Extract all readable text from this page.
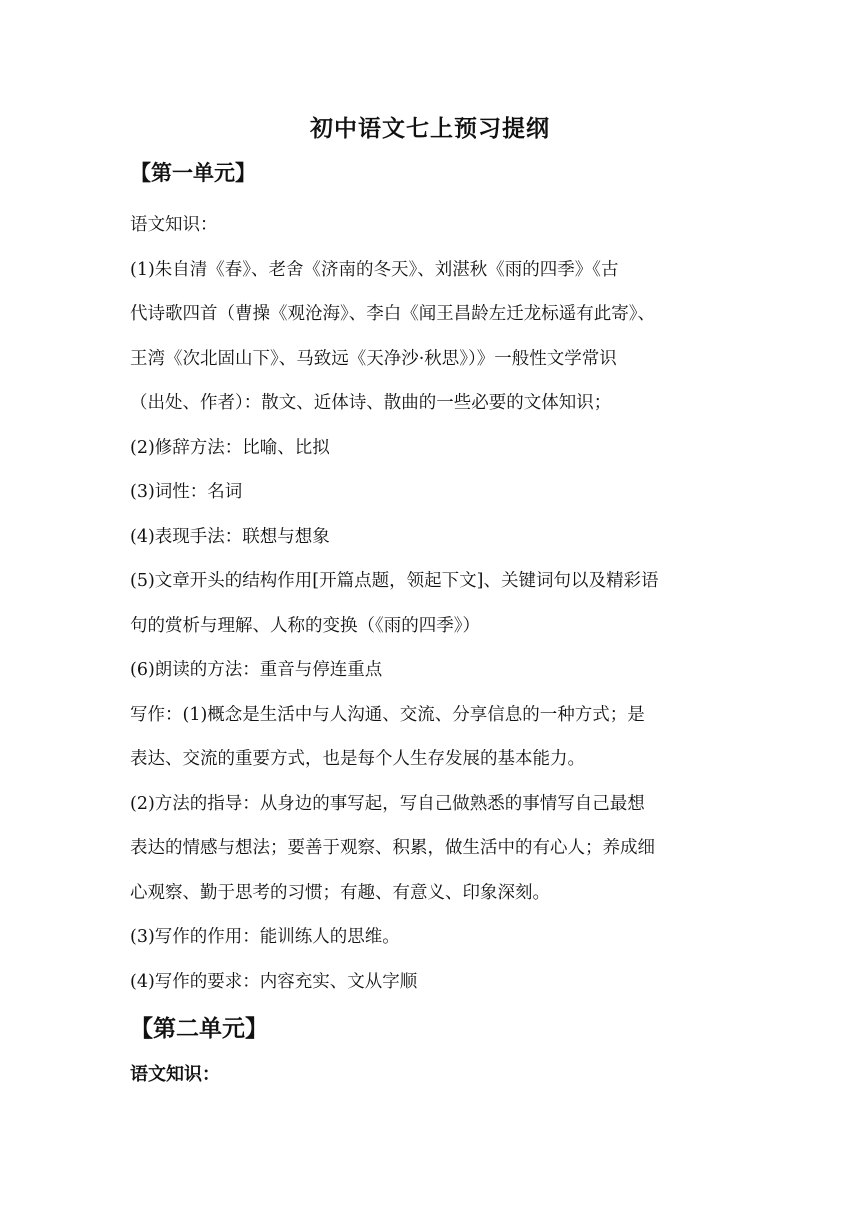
初中语文七上预习提纲
【第一单元】
语文知识：
(1)朱自清《春》、老舍《济南的冬天》、刘湛秋《雨的四季》《古
代诗歌四首（曹操《观沧海》、李白《闻王昌龄左迁龙标遥有此寄》、
王湾《次北固山下》、马致远《天净沙·秋思》）》一般性文学常识
（出处、作者）：散文、近体诗、散曲的一些必要的文体知识；
(2)修辞方法：比喻、比拟
(3)词性：名词
(4)表现手法：联想与想象
(5)文章开头的结构作用[开篇点题，领起下文]、关键词句以及精彩语
句的赏析与理解、人称的变换（《雨的四季》）
(6)朗读的方法：重音与停连重点
写作：(1)概念是生活中与人沟通、交流、分享信息的一种方式；是
表达、交流的重要方式，也是每个人生存发展的基本能力。
(2)方法的指导：从身边的事写起，写自己做熟悉的事情写自己最想
表达的情感与想法；要善于观察、积累，做生活中的有心人；养成细
心观察、勤于思考的习惯；有趣、有意义、印象深刻。
(3)写作的作用：能训练人的思维。
(4)写作的要求：内容充实、文从字顺
【第二单元】
语文知识：
